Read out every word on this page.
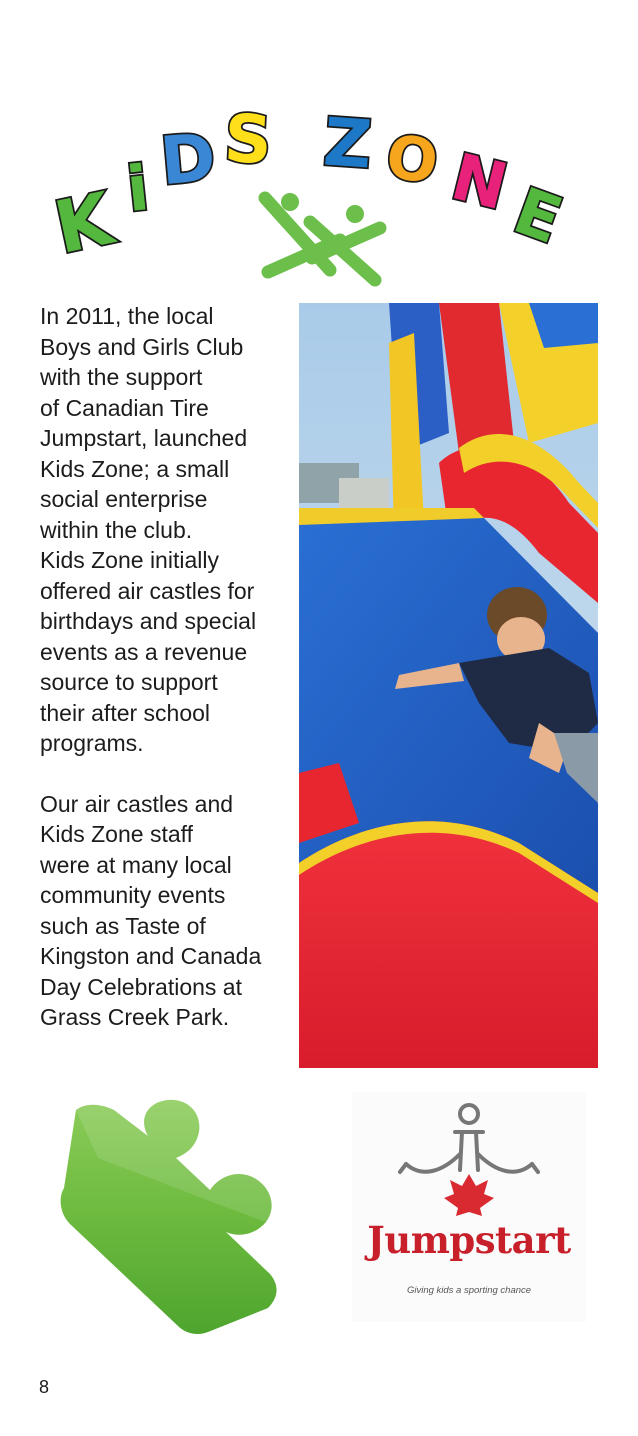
K i D S Z O N
E

In 2011, the local
Boys and Girls Club
with the support
of Canadian Tire
Jumpstart, launched
Kids Zone; a small
social enterprise
within the club.
Kids Zone initially
offered air castles for
birthdays and special
events as a revenue
source to support
their after school
programs.

Our air castles and
Kids Zone staff
were at many local
community events
such as Taste of
Kingston and Canada
Day Celebrations at
Grass Creek Park.

Jumpstart
Giving kids a sporting chance
8
